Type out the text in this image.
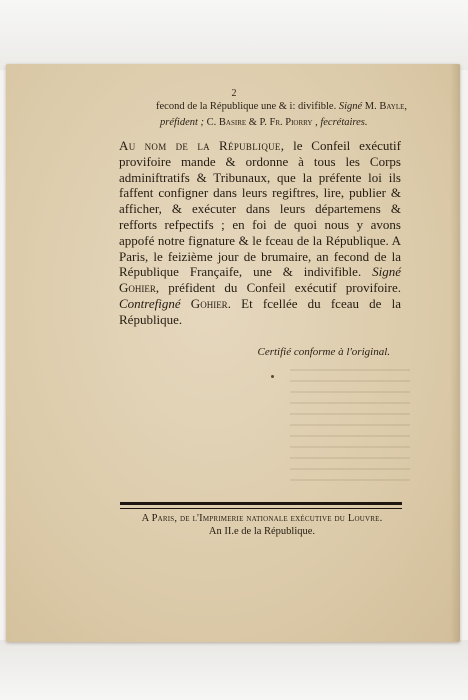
2
fecond de la République une & i: divifible. Signé M. Bayle,
préfident ; C. Basire & P. Fr. Piorry , fecrétaires.
Au nom de la République, le Confeil exécutif provifoire mande & ordonne à tous les Corps adminiftratifs & Tribunaux, que la préfente loi ils faffent configner dans leurs regiftres, lire, publier & afficher, & exécuter dans leurs départemens & refforts refpectifs ; en foi de quoi nous y avons appofé notre fignature & le fceau de la République. A Paris, le feizième jour de brumaire, an fecond de la République Françaife, une & indivifible. Signé Gohier, préfident du Confeil exécutif provifoire. Contrefigné Gohier. Et fcellée du fceau de la République.
Certifié conforme à l'original.
A Paris, de l'Imprimerie nationale exécutive du Louvre.
An II.e de la République.
